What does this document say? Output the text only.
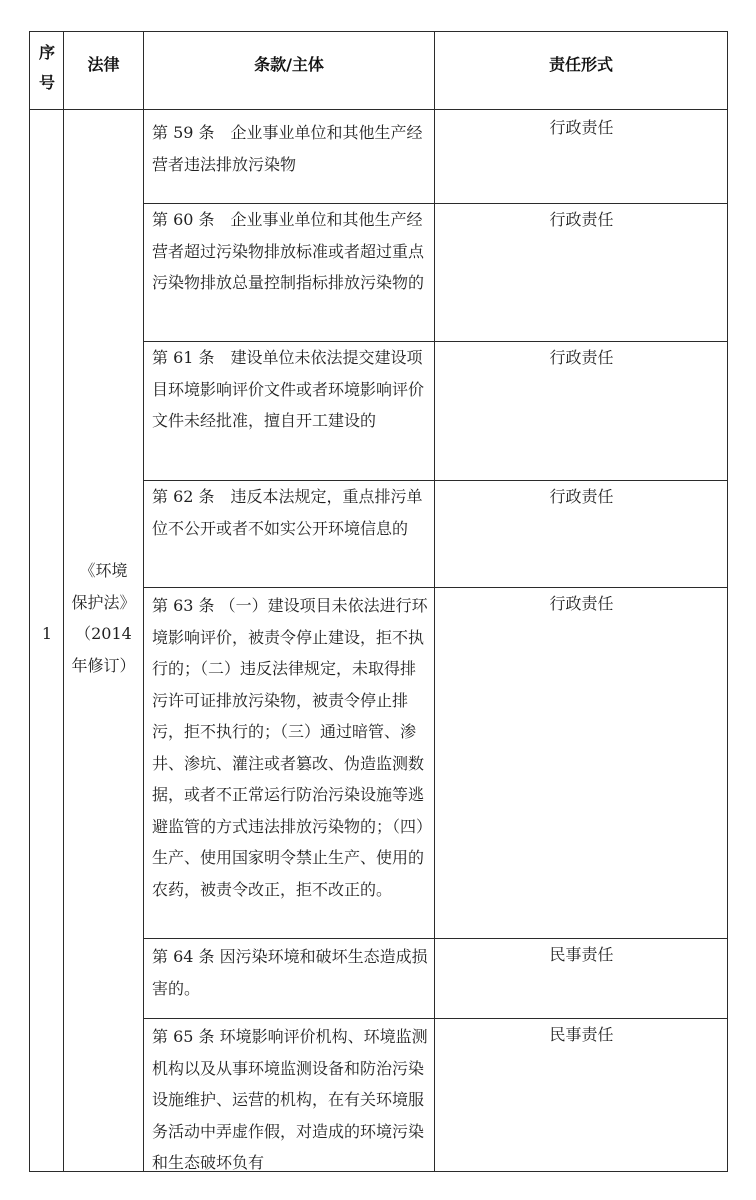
序
号
法律	条款/主体	责任形式
1
《环境
保护法》
（2014
年修订）
第 59 条　企业事业单位和其他生产经营者违法排放污染物
行政责任
第 60 条　企业事业单位和其他生产经营者超过污染物排放标准或者超过重点污染物排放总量控制指标排放污染物的
行政责任
第 61 条　建设单位未依法提交建设项目环境影响评价文件或者环境影响评价文件未经批准，擅自开工建设的
行政责任
第 62 条　违反本法规定，重点排污单位不公开或者不如实公开环境信息的
行政责任
第 63 条 （一）建设项目未依法进行环境影响评价，被责令停止建设，拒不执行的；（二）违反法律规定，未取得排污许可证排放污染物，被责令停止排污，拒不执行的；（三）通过暗管、渗井、渗坑、灌注或者篡改、伪造监测数据，或者不正常运行防治污染设施等逃避监管的方式违法排放污染物的；（四）生产、使用国家明令禁止生产、使用的农药，被责令改正，拒不改正的。
行政责任
第 64 条 因污染环境和破坏生态造成损害的。
民事责任
第 65 条 环境影响评价机构、环境监测机构以及从事环境监测设备和防治污染设施维护、运营的机构，在有关环境服务活动中弄虚作假，对造成的环境污染和生态破坏负有
民事责任
